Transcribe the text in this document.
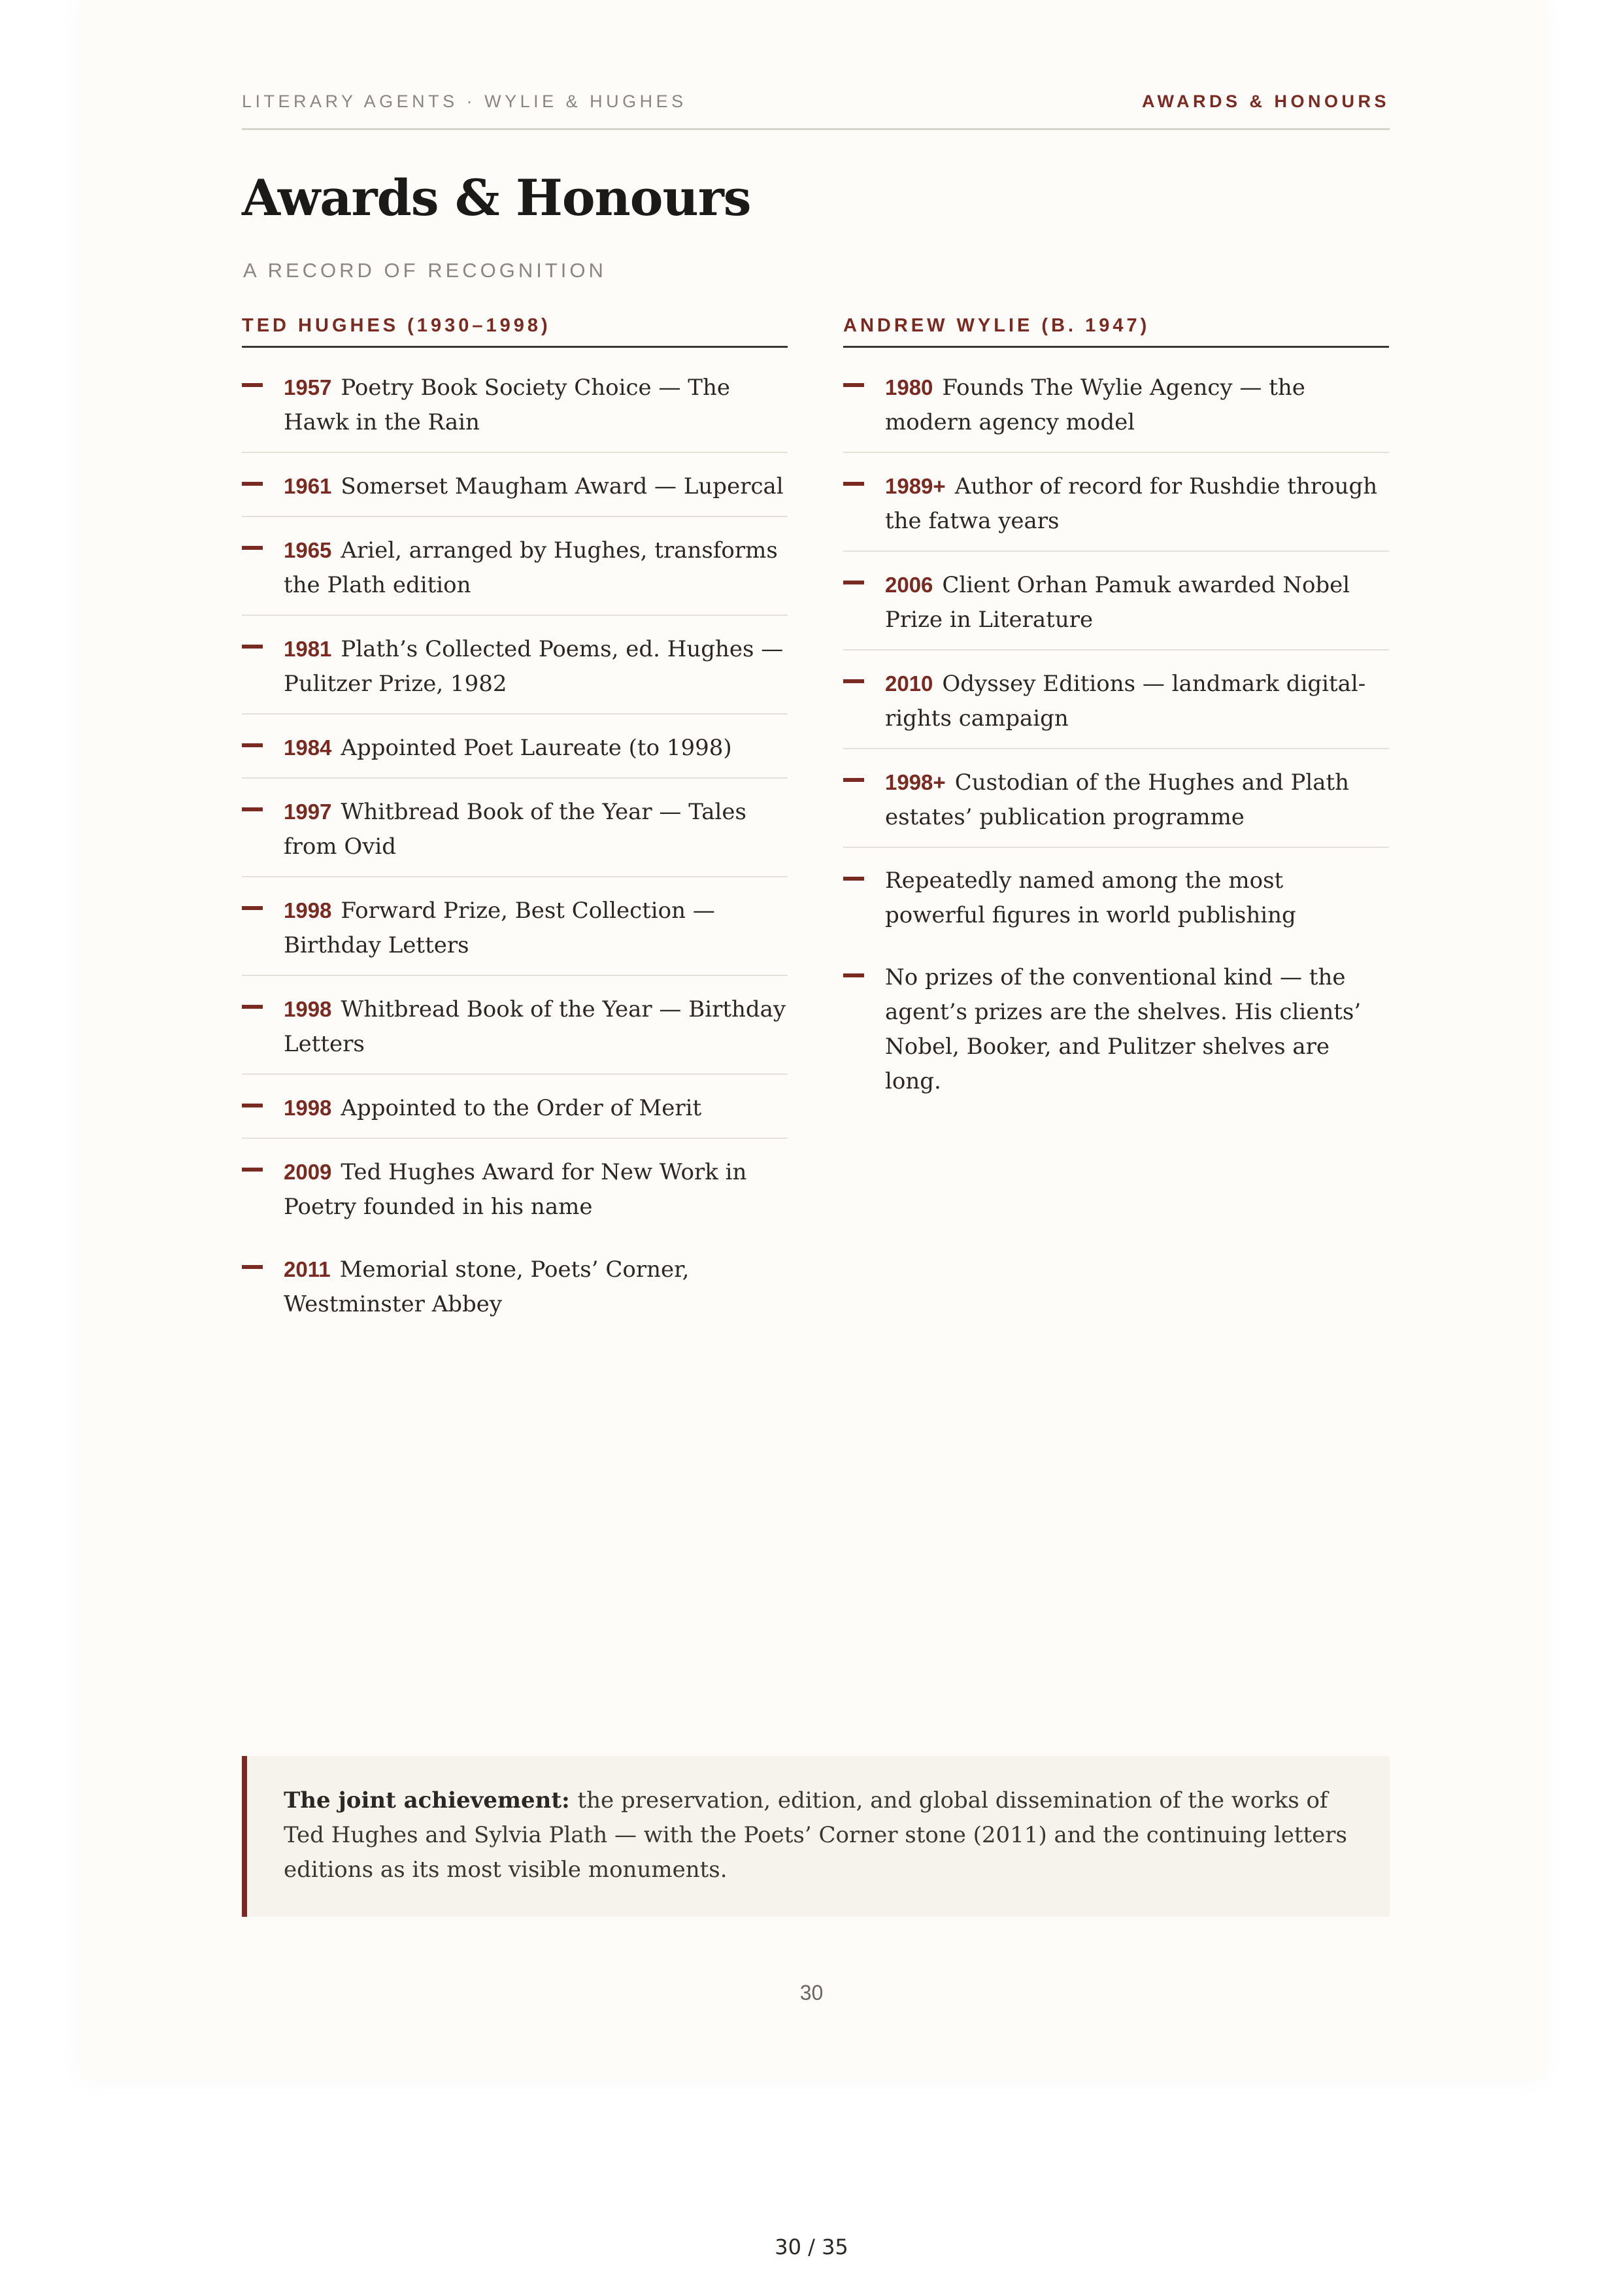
LITERARY AGENTS · WYLIE & HUGHES	AWARDS & HONOURS
Awards & Honours
A RECORD OF RECOGNITION
TED HUGHES (1930–1998)
1957 Poetry Book Society Choice — The Hawk in the Rain
1961 Somerset Maugham Award — Lupercal
1965 Ariel, arranged by Hughes, transforms the Plath edition
1981 Plath’s Collected Poems, ed. Hughes — Pulitzer Prize, 1982
1984 Appointed Poet Laureate (to 1998)
1997 Whitbread Book of the Year — Tales from Ovid
1998 Forward Prize, Best Collection — Birthday Letters
1998 Whitbread Book of the Year — Birthday Letters
1998 Appointed to the Order of Merit
2009 Ted Hughes Award for New Work in Poetry founded in his name
2011 Memorial stone, Poets’ Corner, Westminster Abbey
ANDREW WYLIE (B. 1947)
1980 Founds The Wylie Agency — the modern agency model
1989+ Author of record for Rushdie through the fatwa years
2006 Client Orhan Pamuk awarded Nobel Prize in Literature
2010 Odyssey Editions — landmark digital-rights campaign
1998+ Custodian of the Hughes and Plath estates’ publication programme
Repeatedly named among the most powerful figures in world publishing
No prizes of the conventional kind — the agent’s prizes are the shelves. His clients’ Nobel, Booker, and Pulitzer shelves are long.
The joint achievement: the preservation, edition, and global dissemination of the works of Ted Hughes and Sylvia Plath — with the Poets’ Corner stone (2011) and the continuing letters editions as its most visible monuments.
30
30 / 35
